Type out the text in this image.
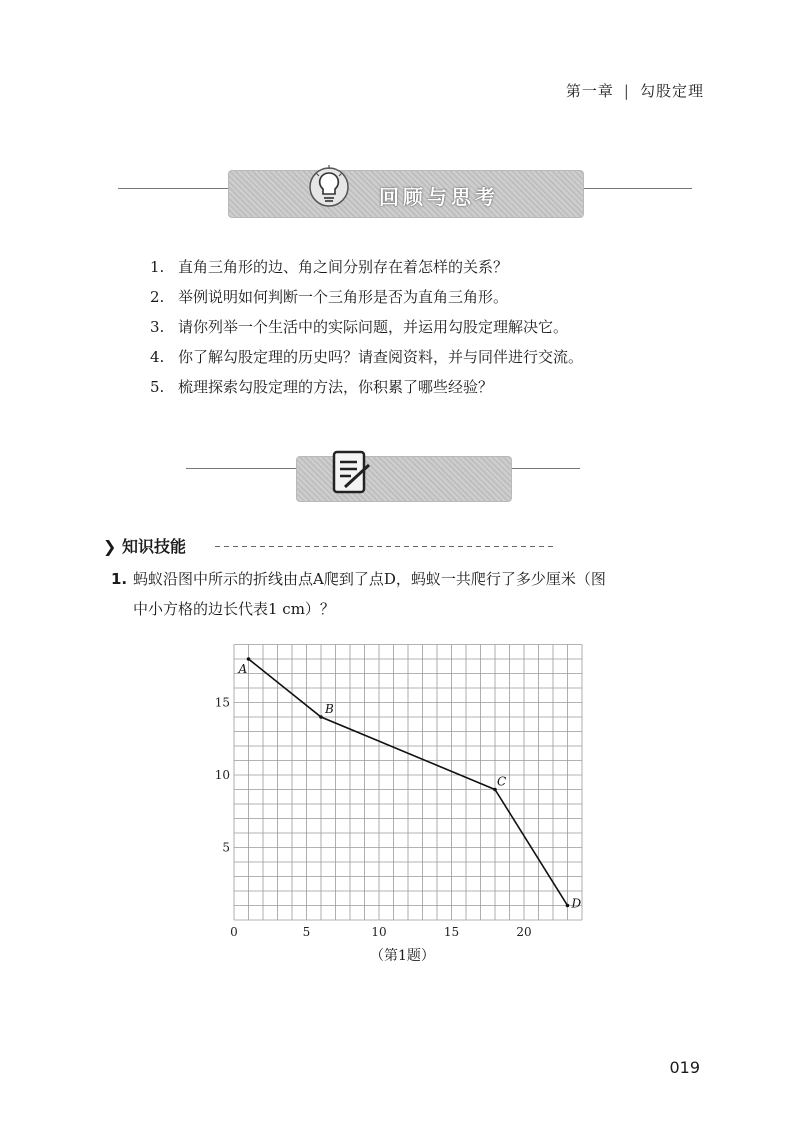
第一章 | 勾股定理
回顾与思考
1. 直角三角形的边、角之间分别存在着怎样的关系？
2. 举例说明如何判断一个三角形是否为直角三角形。
3. 请你列举一个生活中的实际问题，并运用勾股定理解决它。
4. 你了解勾股定理的历史吗？请查阅资料，并与同伴进行交流。
5. 梳理探索勾股定理的方法，你积累了哪些经验？
❯ 知识技能
1. 蚂蚁沿图中所示的折线由点A爬到了点D，蚂蚁一共爬行了多少厘米（图
中小方格的边长代表1 cm）？
0	5	10	15	20
5
10
15
A
B
C
D
（第1题）
019
